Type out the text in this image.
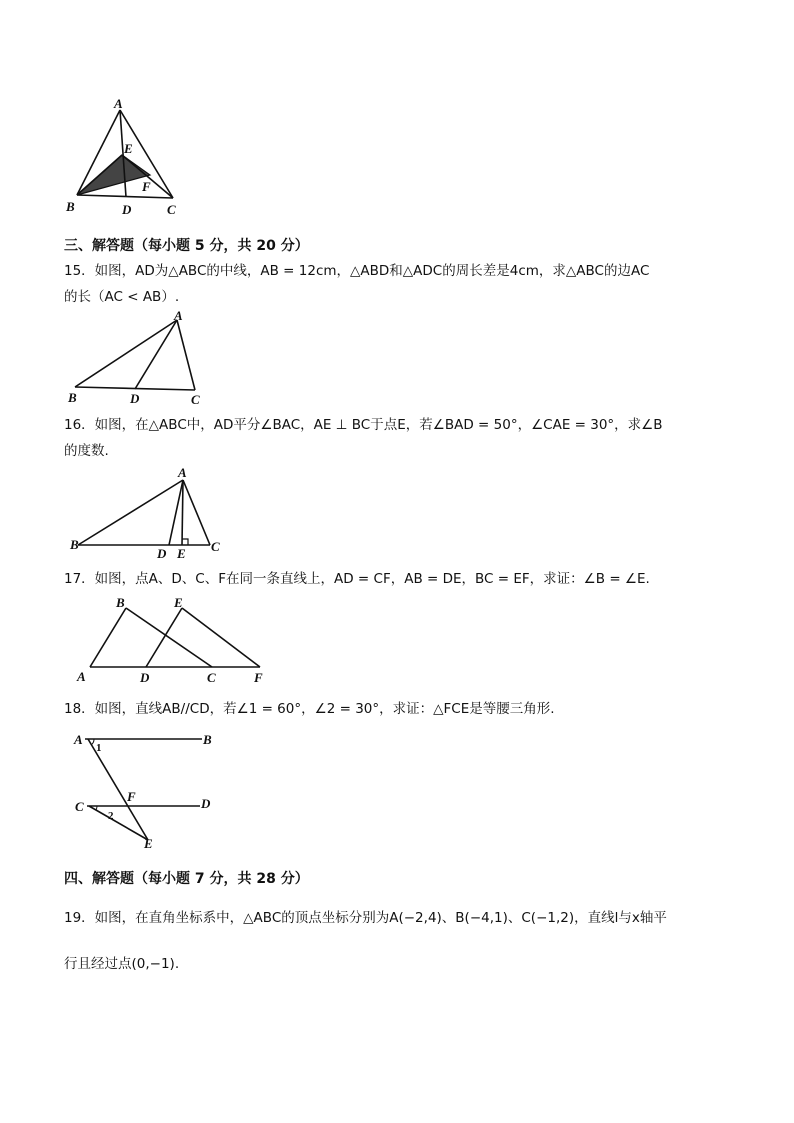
A
E
F
B	D	C
三、解答题（每小题 5 分，共 20 分）
15．如图，AD为△ABC的中线，AB = 12cm，△ABD和△ADC的周长差是4cm，求△ABC的边AC
的长（AC < AB）.
A
B	D	C
16．如图，在△ABC中，AD平分∠BAC，AE ⊥ BC于点E，若∠BAD = 50°，∠CAE = 30°，求∠B
的度数.
A
B
D E C
17．如图，点A、D、C、F在同一条直线上，AD = CF，AB = DE，BC = EF，求证：∠B = ∠E.
B	E
A	D	C	F
18．如图，直线AB//CD，若∠1 = 60°，∠2 = 30°，求证：△FCE是等腰三角形.
A	B
1
F
C	D
2
E
四、解答题（每小题 7 分，共 28 分）
19．如图，在直角坐标系中，△ABC的顶点坐标分别为A(−2,4)、B(−4,1)、C(−1,2)，直线l与x轴平
行且经过点(0,−1).
